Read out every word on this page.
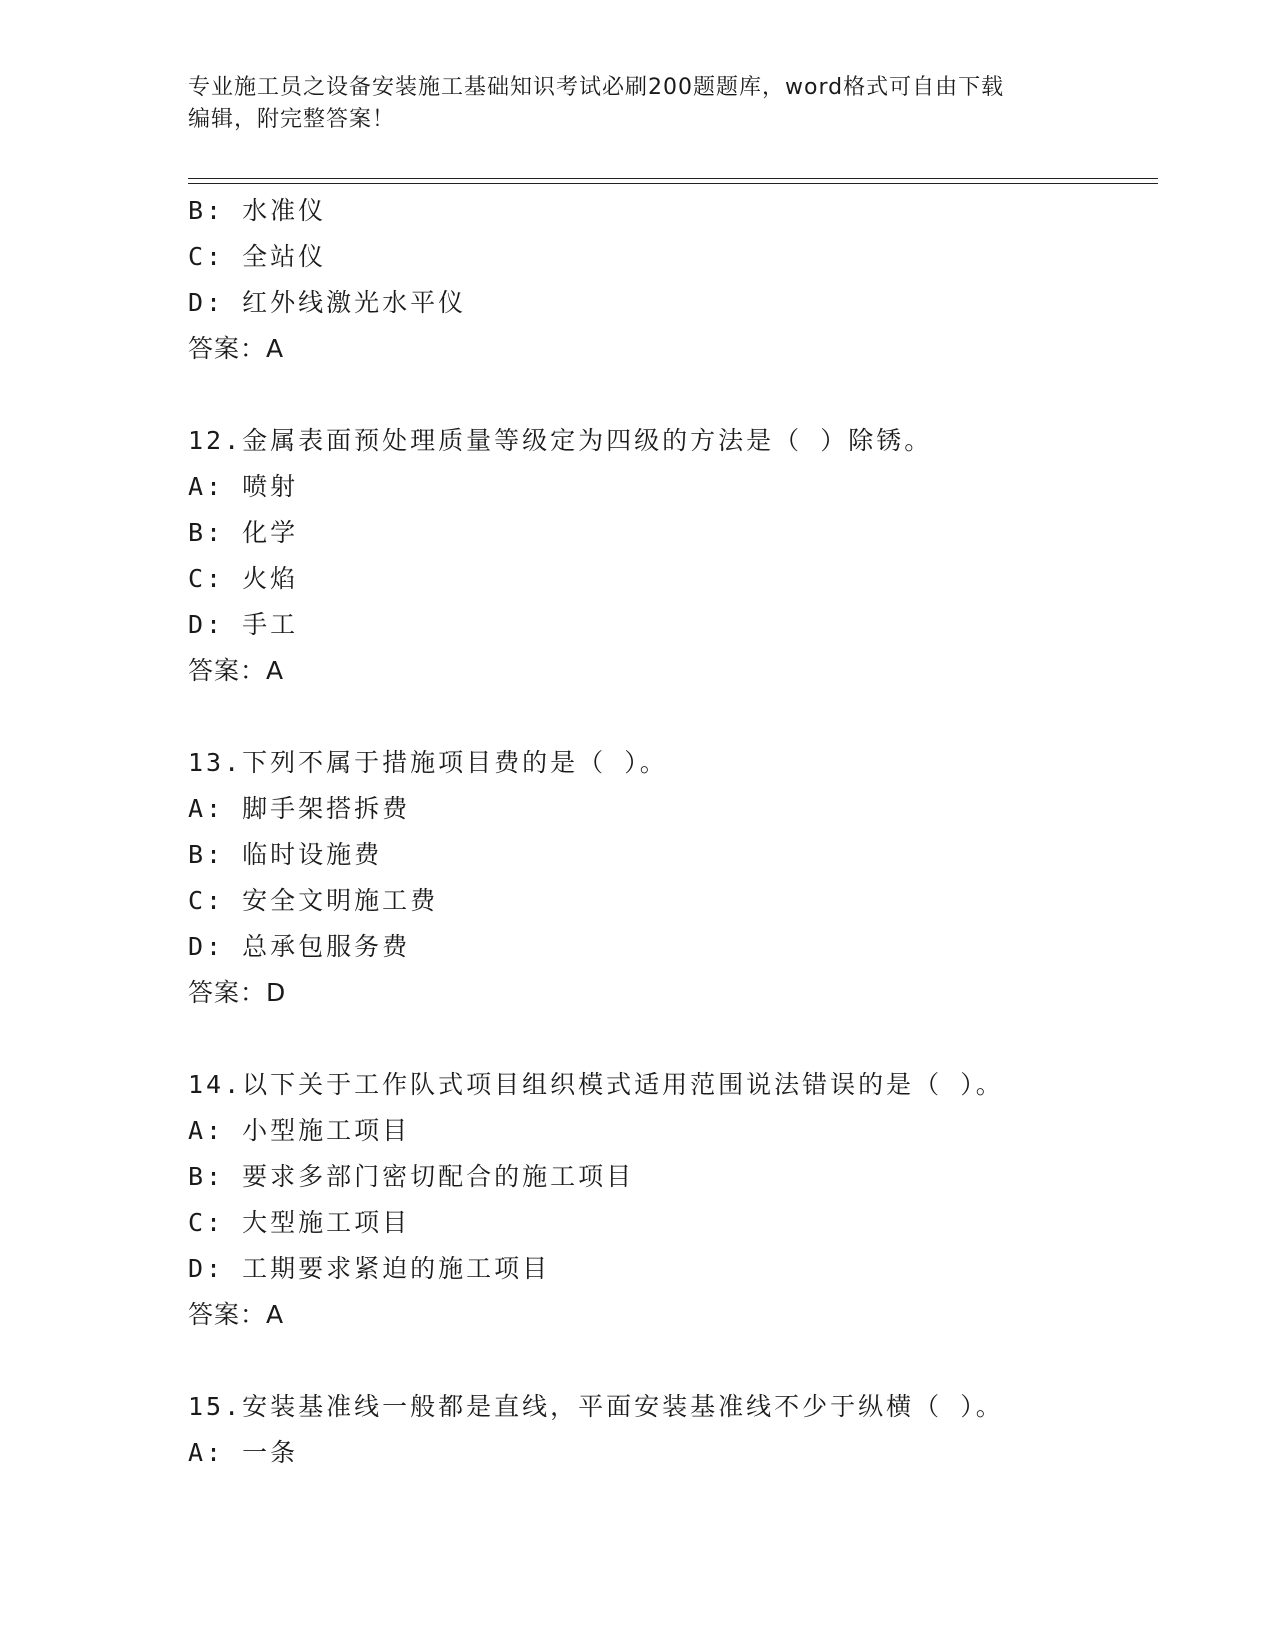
专业施工员之设备安装施工基础知识考试必刷200题题库，word格式可自由下载
编辑，附完整答案！
B: 水准仪
C: 全站仪
D: 红外线激光水平仪
答案：A
12.金属表面预处理质量等级定为四级的方法是（ ）除锈。
A: 喷射
B: 化学
C: 火焰
D: 手工
答案：A
13.下列不属于措施项目费的是（ ）。
A: 脚手架搭拆费
B: 临时设施费
C: 安全文明施工费
D: 总承包服务费
答案：D
14.以下关于工作队式项目组织模式适用范围说法错误的是（ ）。
A: 小型施工项目
B: 要求多部门密切配合的施工项目
C: 大型施工项目
D: 工期要求紧迫的施工项目
答案：A
15.安装基准线一般都是直线，平面安装基准线不少于纵横（ ）。
A: 一条
